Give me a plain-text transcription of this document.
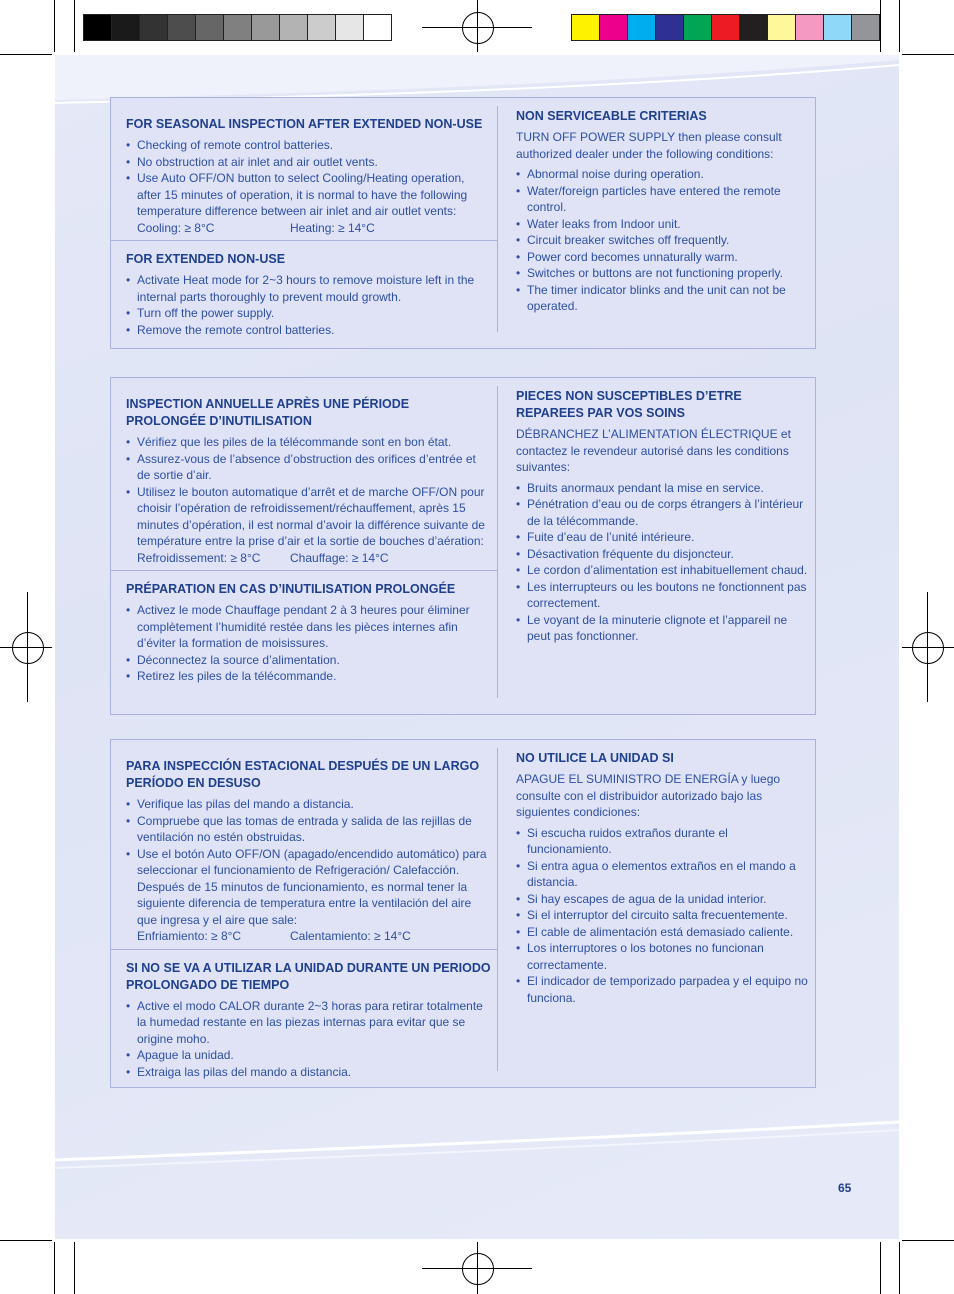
FOR SEASONAL INSPECTION AFTER EXTENDED NON-USE
• Checking of remote control batteries.
• No obstruction at air inlet and air outlet vents.
• Use Auto OFF/ON button to select Cooling/Heating operation, after 15 minutes of operation, it is normal to have the following temperature difference between air inlet and air outlet vents:
Cooling: ≥ 8°C	Heating: ≥ 14°C
FOR EXTENDED NON-USE
• Activate Heat mode for 2~3 hours to remove moisture left in the internal parts thoroughly to prevent mould growth.
• Turn off the power supply.
• Remove the remote control batteries.
NON SERVICEABLE CRITERIAS
TURN OFF POWER SUPPLY then please consult authorized dealer under the following conditions:
• Abnormal noise during operation.
• Water/foreign particles have entered the remote control.
• Water leaks from Indoor unit.
• Circuit breaker switches off frequently.
• Power cord becomes unnaturally warm.
• Switches or buttons are not functioning properly.
• The timer indicator blinks and the unit can not be operated.
INSPECTION ANNUELLE APRÈS UNE PÉRIODE PROLONGÉE D’INUTILISATION
• Vérifiez que les piles de la télécommande sont en bon état.
• Assurez-vous de l’absence d’obstruction des orifices d’entrée et de sortie d’air.
• Utilisez le bouton automatique d’arrêt et de marche OFF/ON pour choisir l’opération de refroidissement/réchauffement, après 15 minutes d’opération, il est normal d’avoir la différence suivante de température entre la prise d’air et la sortie de bouches d’aération:
Refroidissement: ≥ 8°C	Chauffage: ≥ 14°C
PRÉPARATION EN CAS D’INUTILISATION PROLONGÉE
• Activez le mode Chauffage pendant 2 à 3 heures pour éliminer complètement l’humidité restée dans les pièces internes afin d’éviter la formation de moisissures.
• Déconnectez la source d’alimentation.
• Retirez les piles de la télécommande.
PIECES NON SUSCEPTIBLES D’ETRE REPAREES PAR VOS SOINS
DÉBRANCHEZ L’ALIMENTATION ÉLECTRIQUE et contactez le revendeur autorisé dans les conditions suivantes:
• Bruits anormaux pendant la mise en service.
• Pénétration d’eau ou de corps étrangers à l’intérieur de la télécommande.
• Fuite d’eau de l’unité intérieure.
• Désactivation fréquente du disjoncteur.
• Le cordon d’alimentation est inhabituellement chaud.
• Les interrupteurs ou les boutons ne fonctionnent pas correctement.
• Le voyant de la minuterie clignote et l’appareil ne peut pas fonctionner.
PARA INSPECCIÓN ESTACIONAL DESPUÉS DE UN LARGO PERÍODO EN DESUSO
• Verifique las pilas del mando a distancia.
• Compruebe que las tomas de entrada y salida de las rejillas de ventilación no estén obstruidas.
• Use el botón Auto OFF/ON (apagado/encendido automático) para seleccionar el funcionamiento de Refrigeración/ Calefacción. Después de 15 minutos de funcionamiento, es normal tener la siguiente diferencia de temperatura entre la ventilación del aire que ingresa y el aire que sale:
Enfriamiento: ≥ 8°C	Calentamiento: ≥ 14°C
SI NO SE VA A UTILIZAR LA UNIDAD DURANTE UN PERIODO PROLONGADO DE TIEMPO
• Active el modo CALOR durante 2~3 horas para retirar totalmente la humedad restante en las piezas internas para evitar que se origine moho.
• Apague la unidad.
• Extraiga las pilas del mando a distancia.
NO UTILICE LA UNIDAD SI
APAGUE EL SUMINISTRO DE ENERGÍA y luego consulte con el distribuidor autorizado bajo las siguientes condiciones:
• Si escucha ruidos extraños durante el funcionamiento.
• Si entra agua o elementos extraños en el mando a distancia.
• Si hay escapes de agua de la unidad interior.
• Si el interruptor del circuito salta frecuentemente.
• El cable de alimentación está demasiado caliente.
• Los interruptores o los botones no funcionan correctamente.
• El indicador de temporizado parpadea y el equipo no funciona.
65
